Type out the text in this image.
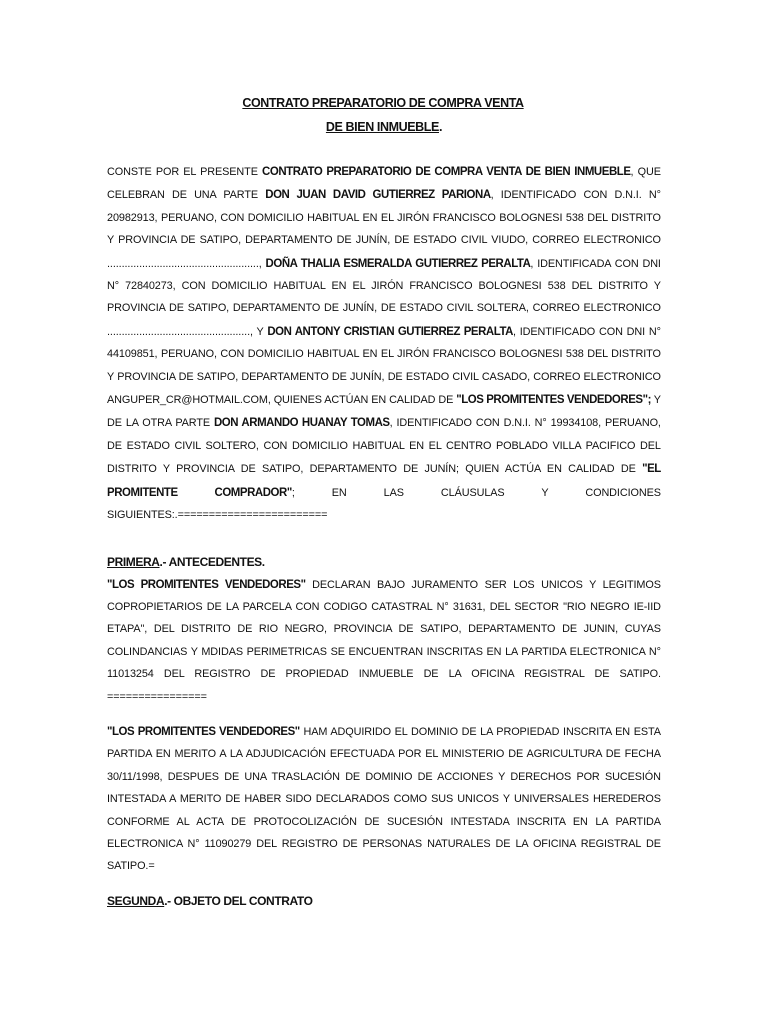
CONTRATO PREPARATORIO DE COMPRA VENTA
DE BIEN INMUEBLE.

CONSTE POR EL PRESENTE CONTRATO PREPARATORIO DE COMPRA VENTA DE BIEN INMUEBLE, QUE CELEBRAN DE UNA PARTE DON JUAN DAVID GUTIERREZ PARIONA, IDENTIFICADO CON D.N.I. N° 20982913, PERUANO, CON DOMICILIO HABITUAL EN EL JIRÓN FRANCISCO BOLOGNESI 538 DEL DISTRITO Y PROVINCIA DE SATIPO, DEPARTAMENTO DE JUNÍN, DE ESTADO CIVIL VIUDO, CORREO ELECTRONICO ...................................................., DOÑA THALIA ESMERALDA GUTIERREZ PERALTA, IDENTIFICADA CON DNI N° 72840273, CON DOMICILIO HABITUAL EN EL JIRÓN FRANCISCO BOLOGNESI 538 DEL DISTRITO Y PROVINCIA DE SATIPO, DEPARTAMENTO DE JUNÍN, DE ESTADO CIVIL SOLTERA, CORREO ELECTRONICO ................................................., Y DON ANTONY CRISTIAN GUTIERREZ PERALTA, IDENTIFICADO CON DNI N° 44109851, PERUANO, CON DOMICILIO HABITUAL EN EL JIRÓN FRANCISCO BOLOGNESI 538 DEL DISTRITO Y PROVINCIA DE SATIPO, DEPARTAMENTO DE JUNÍN, DE ESTADO CIVIL CASADO, CORREO ELECTRONICO ANGUPER_CR@HOTMAIL.COM, QUIENES ACTÚAN EN CALIDAD DE "LOS PROMITENTES VENDEDORES"; Y DE LA OTRA PARTE DON ARMANDO HUANAY TOMAS, IDENTIFICADO CON D.N.I. N° 19934108, PERUANO, DE ESTADO CIVIL SOLTERO, CON DOMICILIO HABITUAL EN EL CENTRO POBLADO VILLA PACIFICO DEL DISTRITO Y PROVINCIA DE SATIPO, DEPARTAMENTO DE JUNÍN; QUIEN ACTÚA EN CALIDAD DE "EL PROMITENTE COMPRADOR"; EN LAS CLÁUSULAS Y CONDICIONES SIGUIENTES:.========================

PRIMERA.- ANTECEDENTES.

"LOS PROMITENTES VENDEDORES" DECLARAN BAJO JURAMENTO SER LOS UNICOS Y LEGITIMOS COPROPIETARIOS DE LA PARCELA CON CODIGO CATASTRAL N° 31631, DEL SECTOR "RIO NEGRO IE-IID ETAPA", DEL DISTRITO DE RIO NEGRO, PROVINCIA DE SATIPO, DEPARTAMENTO DE JUNIN, CUYAS COLINDANCIAS Y MDIDAS PERIMETRICAS SE ENCUENTRAN INSCRITAS EN LA PARTIDA ELECTRONICA N° 11013254 DEL REGISTRO DE PROPIEDAD INMUEBLE DE LA OFICINA REGISTRAL DE SATIPO. ================

"LOS PROMITENTES VENDEDORES" HAM ADQUIRIDO EL DOMINIO DE LA PROPIEDAD INSCRITA EN ESTA PARTIDA EN MERITO A LA ADJUDICACIÓN EFECTUADA POR EL MINISTERIO DE AGRICULTURA DE FECHA 30/11/1998, DESPUES DE UNA TRASLACIÓN DE DOMINIO DE ACCIONES Y DERECHOS POR SUCESIÓN INTESTADA A MERITO DE HABER SIDO DECLARADOS COMO SUS UNICOS Y UNIVERSALES HEREDEROS CONFORME AL ACTA DE PROTOCOLIZACIÓN DE SUCESIÓN INTESTADA INSCRITA EN LA PARTIDA ELECTRONICA N° 11090279 DEL REGISTRO DE PERSONAS NATURALES DE LA OFICINA REGISTRAL DE SATIPO.=

SEGUNDA.- OBJETO DEL CONTRATO
